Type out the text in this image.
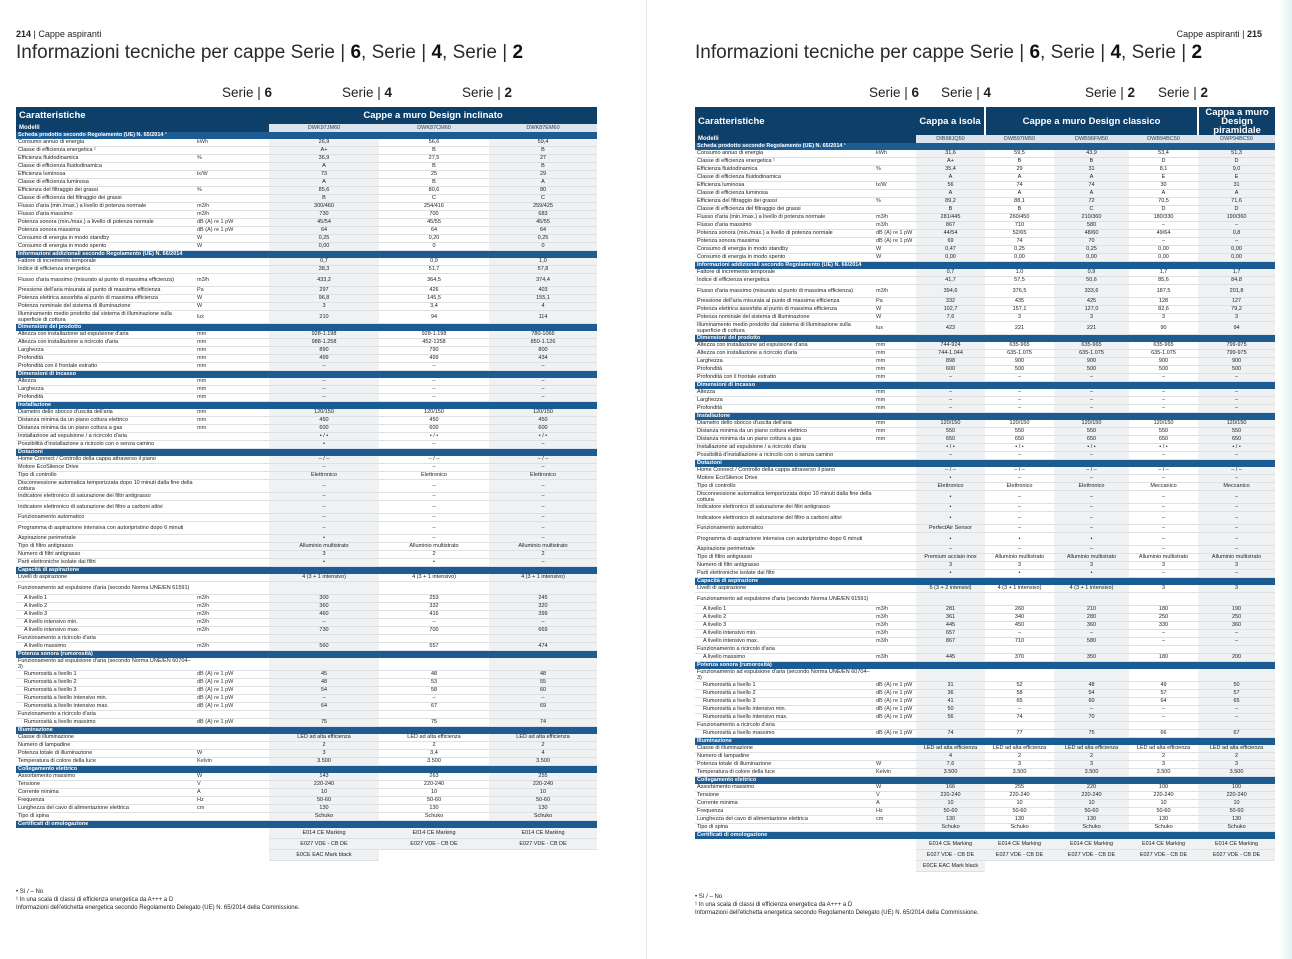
214 | Cappe aspiranti
Informazioni tecniche per cappe Serie | 6, Serie | 4, Serie | 2
Serie | 6	Serie | 4	Serie | 2
Caratteristiche		Cappe a muro Design inclinato		
Modelli		DWK97JM60	DWK87CM60	DWK87EM60
Scheda prodotto secondo Regolamento (UE) N. 65/2014 ¹				
Consumo annuo di energia	kWh	26,9	56,6	59,4
Classe di efficienza energetica ¹		A+	B	B
Efficienza fluidodinamica	%	36,9	27,5	27
Classe di efficienza fluidodinamica		A	B	B
Efficienza luminosa	lx/W	73	25	29
Classe di efficienza luminosa		A	B	A
Efficienza del filtraggio dei grassi	%	85,6	80,6	80
Classe di efficienza del filtraggio dei grassi		B	C	C
Flusso d'aria (min./max.) a livello di potenza normale	m3/h	300/460	254/416	259/425
Flusso d'aria massimo	m3/h	730	700	683
Potenza sonora (min./max.) a livello di potenza normale	dB (A) re 1 pW	45/54	45/55	45/55
Potenza sonora massima	dB (A) re 1 pW	64	64	64
Consumo di energia in modo standby	W	0,25	0,20	0,25
Consumo di energia in modo spento	W	0,00	0	0
Informazioni addizionali secondo Regolamento (UE) N. 66/2014				
Fattore di incremento temporale		0,7	0,9	1,0
Indice di efficienza energetica		38,3	51,7	57,8
Flusso d'aria massimo (misurato al punto di massima efficienza)	m3/h	433,2	364,5	374,4
Pressione dell'aria misurata al punto di massima efficienza	Pa	297	426	403
Potenza elettrica assorbita al punto di massima efficienza	W	96,8	145,5	155,1
Potenza nominale del sistema di illuminazione	W	3	3,4	4
Illuminamento medio prodotto dal sistema di illuminazione sulla superficie di cottura	lux	210	94	114
Dimensioni del prodotto				
Altezza con installazione ad espulsione d'aria	mm	928-1.198	928-1.198	780-1066
Altezza con installazione a ricircolo d'aria	mm	988-1.258	452-1258	850-1.126
Larghezza	mm	890	790	800
Profondità	mm	499	499	434
Profondità con il frontale estratto	mm	–	–	–
Dimensioni di incasso				
Altezza	mm	–	–	–
Larghezza	mm	–	–	–
Profondità	mm	–	–	–
Installazione				
Diametro dello sbocco d'uscita dell'aria	mm	120/150	120/150	120/150
Distanza minima da un piano cottura elettrico	mm	450	450	450
Distanza minima da un piano cottura a gas	mm	600	600	600
Installazione ad espulsione / a ricircolo d'aria		• / •	• / •	• / •
Possibilità d'installazione a ricircolo con o senza camino		•	–	–
Dotazioni				
Home Connect / Controllo della cappa attraverso il piano		– / –	– / –	– / –
Motore EcoSilence Drive		–	–	–
Tipo di controllo		Elettronico	Elettronico	Elettronico
Disconnessione automatica temporizzata dopo 10 minuti dalla fine della cottura		–	–	–
Indicatore elettronico di saturazione dei filtri antigrasso		–	–	–
Indicatore elettronico di saturazione del filtro a carboni attivi		–	–	–
Funzionamento automatico		–	–	–
Programma di aspirazione intensiva con autoripristino dopo 6 minuti		–	–	–
Aspirazione perimetrale		•	–	–
Tipo di filtro antigrasso		Alluminio multistrato	Alluminio multistrato	Alluminio multistrato
Numero di filtri antigrasso		3	2	2
Parti elettroniche isolate dai filtri		•	•	–
Capacità di aspirazione				
Livelli di aspirazione		4 (3 + 1 intensivo)	4 (3 + 1 intensivo)	4 (3 + 1 intensivo)
Funzionamento ad espulsione d'aria (secondo Norma UNE/EN 61591)				
A livello 1	m3/h	300	253	245
A livello 2	m3/h	360	332	320
A livello 3	m3/h	460	416	399
A livello intensivo min.	m3/h	–	–	–
A livello intensivo max.	m3/h	730	700	669
Funzionamento a ricircolo d'aria				
A livello massimo	m3/h	560	557	474
Potenza sonora (rumorosità)				
Funzionamento ad espulsione d'aria (secondo Norma UNE/EN 60704–3)				
Rumorosità a livello 1	dB (A) re 1 pW	45	48	48
Rumorosità a livello 2	dB (A) re 1 pW	48	53	55
Rumorosità a livello 3	dB (A) re 1 pW	54	58	60
Rumorosità a livello intensivo min.	dB (A) re 1 pW	–	–	–
Rumorosità a livello intensivo max.	dB (A) re 1 pW	64	67	69
Funzionamento a ricircolo d'aria				
Rumorosità a livello massimo	dB (A) re 1 pW	75	75	74
Illuminazione				
Classe di illuminazione		LED ad alta efficienza	LED ad alta efficienza	LED ad alta efficienza
Numero di lampadine		2	2	2
Potenza totale di illuminazione	W	3	3,4	4
Temperatura di colore della luce	Kelvin	3.500	3.500	3.500
Collegamento elettrico				
Assorbimento massimo	W	143	263	255
Tensione	V	220-240	220-240	220-240
Corrente minima	A	10	10	10
Frequenza	Hz	50-60	50-60	50-60
Lunghezza del cavo di alimentazione elettrica	cm	130	130	130
Tipo di spina		Schuko	Schuko	Schuko
Certificati di omologazione				
		E014 CE Marking	E014 CE Marking	E014 CE Marking
		E027 VDE - CB DE	E027 VDE - CB DE	E027 VDE - CB DE
		E0CE EAC Mark black		
• Sì / – No
¹ In una scala di classi di efficienza energetica da A+++ a D
Informazioni dell'etichetta energetica secondo Regolamento Delegato (UE) N. 65/2014 della Commissione.
Cappe aspiranti | 215
Informazioni tecniche per cappe Serie | 6, Serie | 4, Serie | 2
Serie | 6 Serie | 4	Serie | 2 Serie | 2
Caratteristiche		Cappa a isola	Cappe a muro Design classico			Cappa a muro Design piramidale
Modelli		DIB98JQ50	DWB97IM50	DWB96FM50	DWB94BC50	DWP94BC50
Scheda prodotto secondo Regolamento (UE) N. 65/2014 ¹						
Consumo annuo di energia	kWh	31,6	59,5	43,9	53,4	51,3
Classe di efficienza energetica ¹		A+	B	B	D	D
Efficienza fluidodinamica	%	35,4	29	31	8,1	9,0
Classe di efficienza fluidodinamica		A	A	A	E	E
Efficienza luminosa	lx/W	56	74	74	30	31
Classe di efficienza luminosa		A	A	A	A	A
Efficienza del filtraggio dei grassi	%	89,2	88,1	72	70,5	71,6
Classe di efficienza del filtraggio dei grassi		B	B	C	D	D
Flusso d'aria (min./max.) a livello di potenza normale	m3/h	281/445	260/450	210/360	180/330	190/360
Flusso d'aria massimo	m3/h	867	710	580	–	–
Potenza sonora (min./max.) a livello di potenza normale	dB (A) re 1 pW	44/54	52/65	48/60	49/64	0,8
Potenza sonora massima	dB (A) re 1 pW	69	74	70	–	–
Consumo di energia in modo standby	W	0,47	0,25	0,25	0,00	0,00
Consumo di energia in modo spento	W	0,00	0,00	0,00	0,00	0,00
Informazioni addizionali secondo Regolamento (UE) N. 66/2014						
Fattore di incremento temporale		0,7	1,0	0,9	1,7	1,7
Indice di efficienza energetica		41,7	57,5	50,6	85,6	84,8
Flusso d'aria massimo (misurato al punto di massima efficienza)	m3/h	394,6	376,5	333,6	187,5	201,8
Pressione dell'aria misurata al punto di massima efficienza	Pa	332	435	425	128	127
Potenza elettrica assorbita al punto di massima efficienza	W	102,7	157,1	127,0	82,6	79,2
Potenza nominale del sistema di illuminazione	W	7,6	3	3	3	3
Illuminamento medio prodotto dal sistema di illuminazione sulla superficie di cottura	lux	423	221	221	90	94
Dimensioni del prodotto						
Altezza con installazione ad espulsione d'aria	mm	744-924	635-965	635-965	635-965	799-975
Altezza con installazione a ricircolo d'aria	mm	744-1.044	635-1.075	635-1.075	635-1.075	799-975
Larghezza	mm	898	900	900	900	900
Profondità	mm	600	500	500	500	500
Profondità con il frontale estratto	mm	–	–	–	–	–
Dimensioni di incasso						
Altezza	mm	–	–	–	–	–
Larghezza	mm	–	–	–	–	–
Profondità	mm	–	–	–	–	–
Installazione						
Diametro dello sbocco d'uscita dell'aria	mm	120/150	120/150	120/150	120/150	120/150
Distanza minima da un piano cottura elettrico	mm	550	550	550	550	550
Distanza minima da un piano cottura a gas	mm	650	650	650	650	650
Installazione ad espulsione / a ricircolo d'aria		• / •	• / •	• / •	• / •	• / •
Possibilità d'installazione a ricircolo con o senza camino		–	–	–	–	–
Dotazioni						
Home Connect / Controllo della cappa attraverso il piano		– / –	– / –	– / –	– / –	– / –
Motore EcoSilence Drive		•	–	–	–	–
Tipo di controllo		Elettronico	Elettronico	Elettronico	Meccanico	Meccanico
Disconnessione automatica temporizzata dopo 10 minuti dalla fine della cottura		•	–	–	–	–
Indicatore elettronico di saturazione dei filtri antigrasso		•	–	–	–	–
Indicatore elettronico di saturazione del filtro a carboni attivi		•	–	–	–	–
Funzionamento automatico		PerfectAir Sensor	–	–	–	–
Programma di aspirazione intensiva con autoripristino dopo 6 minuti		•	•	•	–	–
Aspirazione perimetrale		–	–	–	–	–
Tipo di filtro antigrasso		Premium acciaio inox	Alluminio multistrato	Alluminio multistrato	Alluminio multistrato	Alluminio multistrato
Numero di filtri antigrasso		3	3	3	3	3
Parti elettroniche isolate dai filtri		•	•	•	–	–
Capacità di aspirazione						
Livelli di aspirazione		5 (3 + 2 intensivi)	4 (3 + 1 intensivo)	4 (3 + 1 intensivo)	3	3
Funzionamento ad espulsione d'aria (secondo Norma UNE/EN 61591)						
A livello 1	m3/h	281	260	210	180	190
A livello 2	m3/h	361	340	280	250	250
A livello 3	m3/h	445	450	360	330	360
A livello intensivo min.	m3/h	657	–	–	–	–
A livello intensivo max.	m3/h	867	710	580	–	–
Funzionamento a ricircolo d'aria						
A livello massimo	m3/h	445	370	350	180	200
Potenza sonora (rumorosità)						
Funzionamento ad espulsione d'aria (secondo Norma UNE/EN 60704–3)						
Rumorosità a livello 1	dB (A) re 1 pW	31	52	48	49	50
Rumorosità a livello 2	dB (A) re 1 pW	36	58	54	57	57
Rumorosità a livello 3	dB (A) re 1 pW	41	65	60	64	65
Rumorosità a livello intensivo min.	dB (A) re 1 pW	50	–	–	–	–
Rumorosità a livello intensivo max.	dB (A) re 1 pW	56	74	70	–	–
Funzionamento a ricircolo d'aria						
Rumorosità a livello massimo	dB (A) re 1 pW	74	77	75	66	67
Illuminazione						
Classe di illuminazione		LED ad alta efficienza	LED ad alta efficienza	LED ad alta efficienza	LED ad alta efficienza	LED ad alta efficienza
Numero di lampadine		4	2	2	2	2
Potenza totale di illuminazione	W	7,6	3	3	3	3
Temperatura di colore della luce	Kelvin	3.500	3.500	3.500	3.500	3.500
Collegamento elettrico						
Assorbimento massimo	W	166	255	220	100	100
Tensione	V	220-240	220-240	220-240	220-240	220-240
Corrente minima	A	10	10	10	10	10
Frequenza	Hz	50-60	50-60	50-60	50-60	50-60
Lunghezza del cavo di alimentazione elettrica	cm	130	130	130	130	130
Tipo di spina		Schuko	Schuko	Schuko	Schuko	Schuko
Certificati di omologazione						
		E014 CE Marking	E014 CE Marking	E014 CE Marking	E014 CE Marking	E014 CE Marking
		E027 VDE - CB DE	E027 VDE - CB DE	E027 VDE - CB DE	E027 VDE - CB DE	E027 VDE - CB DE
		E0CE EAC Mark black				
• Sì / – No
¹ In una scala di classi di efficienza energetica da A+++ a D
Informazioni dell'etichetta energetica secondo Regolamento Delegato (UE) N. 65/2014 della Commissione.
